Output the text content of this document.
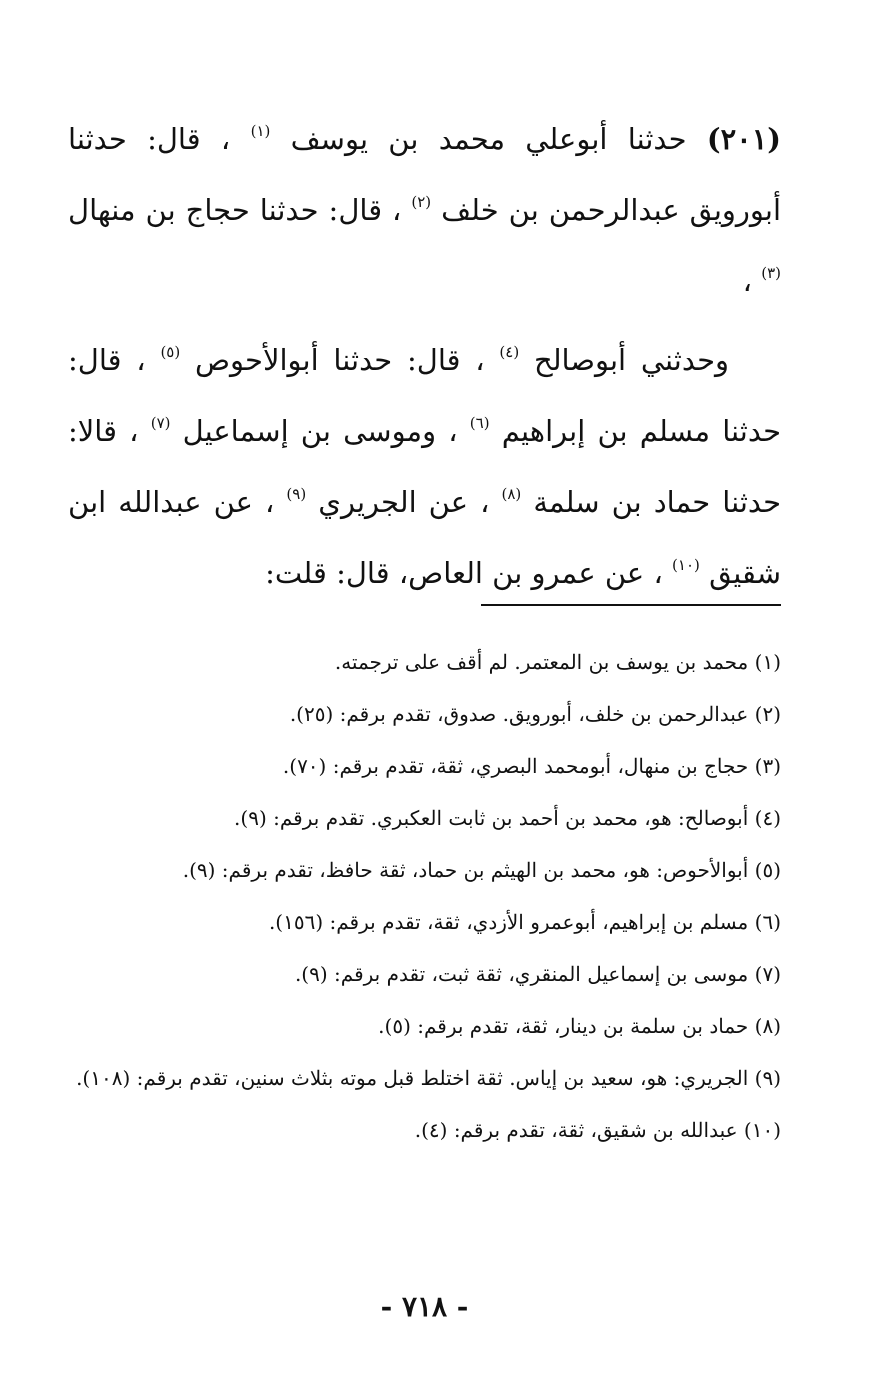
(٢٠١) حدثنا أبوعلي محمد بن يوسف $^{(١)}$ ، قال: حدثنا أبورويق عبدالرحمن بن خلف $^{(٢)}$ ، قال: حدثنا حجاج بن منهال $^{(٣)}$ ،

وحدثني أبوصالح $^{(٤)}$ ، قال: حدثنا أبوالأحوص $^{(٥)}$ ، قال: حدثنا مسلم بن إبراهيم $^{(٦)}$ ، وموسى بن إسماعيل $^{(٧)}$ ، قالا: حدثنا حماد بن سلمة $^{(٨)}$ ، عن الجريري $^{(٩)}$ ، عن عبدالله ابن شقيق $^{(١٠)}$ ، عن عمرو بن العاص، قال: قلت:

(١) محمد بن يوسف بن المعتمر. لم أقف على ترجمته.

(٢) عبدالرحمن بن خلف، أبورويق. صدوق، تقدم برقم: (٢٥).

(٣) حجاج بن منهال، أبومحمد البصري، ثقة، تقدم برقم: (٧٠).

(٤) أبوصالح: هو، محمد بن أحمد بن ثابت العكبري. تقدم برقم: (٩).

(٥) أبوالأحوص: هو، محمد بن الهيثم بن حماد، ثقة حافظ، تقدم برقم: (٩).

(٦) مسلم بن إبراهيم، أبوعمرو الأزدي، ثقة، تقدم برقم: (١٥٦).

(٧) موسى بن إسماعيل المنقري، ثقة ثبت، تقدم برقم: (٩).

(٨) حماد بن سلمة بن دينار، ثقة، تقدم برقم: (٥).

(٩) الجريري: هو، سعيد بن إياس. ثقة اختلط قبل موته بثلاث سنين، تقدم برقم: (١٠٨).

(١٠) عبدالله بن شقيق، ثقة، تقدم برقم: (٤).

- ٧١٨ -
